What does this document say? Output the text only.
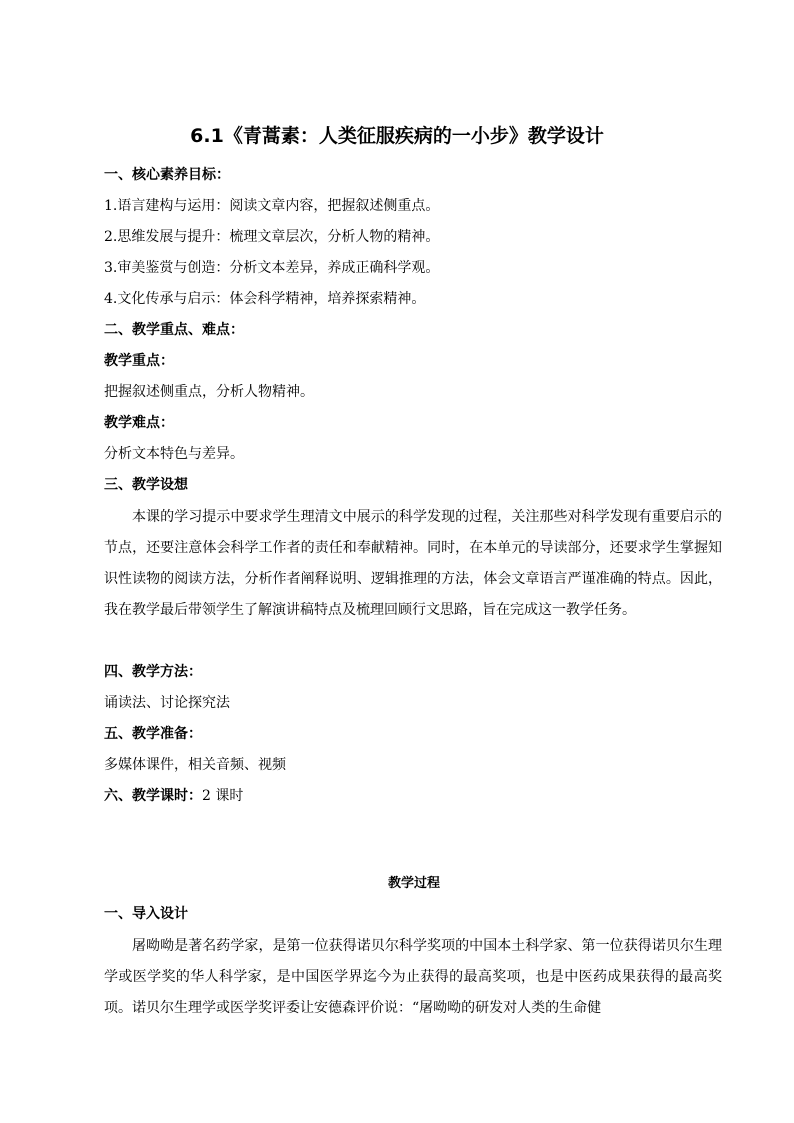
6.1《青蒿素：人类征服疾病的一小步》教学设计
一、核心素养目标：
1.语言建构与运用：阅读文章内容，把握叙述侧重点。
2.思维发展与提升：梳理文章层次，分析人物的精神。
3.审美鉴赏与创造：分析文本差异，养成正确科学观。
4.文化传承与启示：体会科学精神，培养探索精神。
二、教学重点、难点：
教学重点：
把握叙述侧重点，分析人物精神。
教学难点：
分析文本特色与差异。
三、教学设想
本课的学习提示中要求学生理清文中展示的科学发现的过程，关注那些对科学发现有重要启示的节点，还要注意体会科学工作者的责任和奉献精神。同时，在本单元的导读部分，还要求学生掌握知识性读物的阅读方法，分析作者阐释说明、逻辑推理的方法，体会文章语言严谨准确的特点。因此，我在教学最后带领学生了解演讲稿特点及梳理回顾行文思路，旨在完成这一教学任务。
四、教学方法：
诵读法、讨论探究法
五、教学准备：
多媒体课件，相关音频、视频
六、教学课时：2 课时
教学过程
一、导入设计
屠呦呦是著名药学家，是第一位获得诺贝尔科学奖项的中国本土科学家、第一位获得诺贝尔生理学或医学奖的华人科学家，是中国医学界迄今为止获得的最高奖项，也是中医药成果获得的最高奖项。诺贝尔生理学或医学奖评委让安德森评价说：“屠呦呦的研发对人类的生命健
